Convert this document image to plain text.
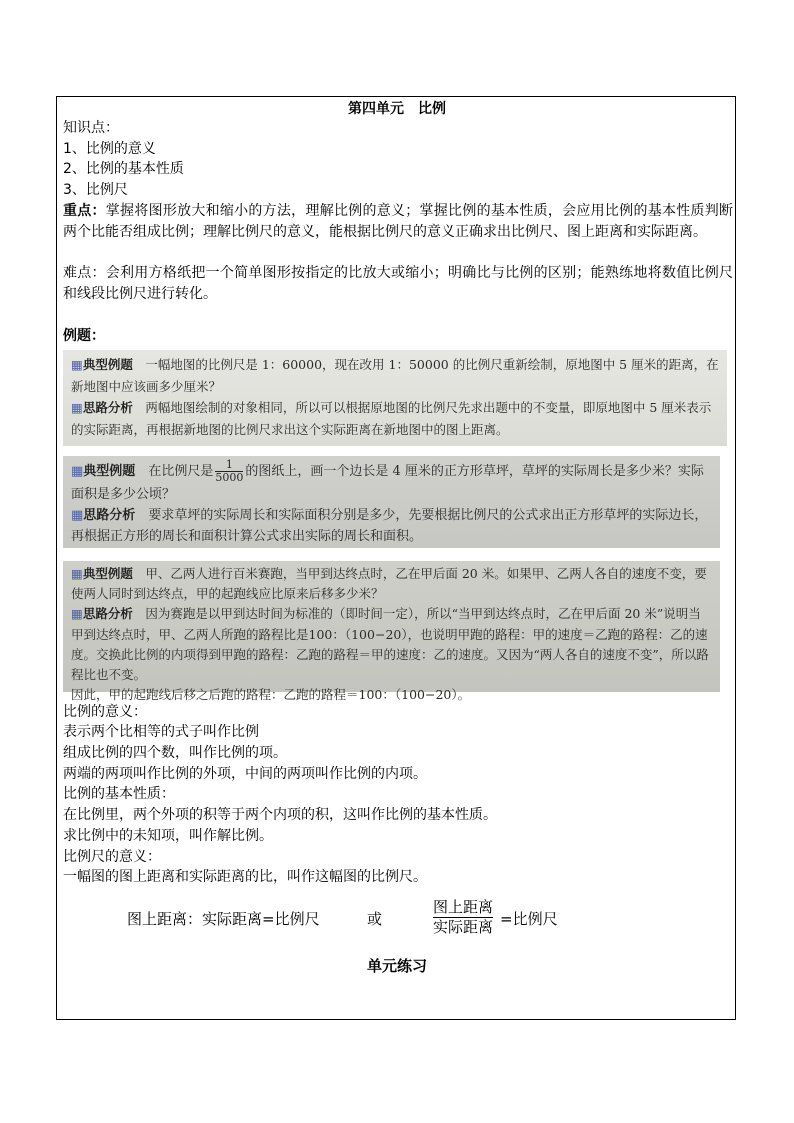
第四单元　比例
知识点：
1、比例的意义
2、比例的基本性质
3、比例尺
重点：掌握将图形放大和缩小的方法，理解比例的意义；掌握比例的基本性质，会应用比例的基本性质判断两个比能否组成比例；理解比例尺的意义，能根据比例尺的意义正确求出比例尺、图上距离和实际距离。
难点：会利用方格纸把一个简单图形按指定的比放大或缩小；明确比与比例的区别；能熟练地将数值比例尺和线段比例尺进行转化。
例题：

▦ 典型例题　 一幅地图的比例尺是 1：60000，现在改用 1：50000 的比例尺重新绘制，原地图中 5 厘米的距离，在新地图中应该画多少厘米？

▦ 思路分析　 两幅地图绘制的对象相同，所以可以根据原地图的比例尺先求出题中的不变量，即原地图中 5 厘米表示的实际距离，再根据新地图的比例尺求出这个实际距离在新地图中的图上距离。

▦ 典型例题　 在比例尺是 $\frac{1}{5000}$ 的图纸上，画一个边长是 4 厘米的正方形草坪，草坪的实际周长是多少米？实际面积是多少公顷？

▦ 思路分析　 要求草坪的实际周长和实际面积分别是多少，先要根据比例尺的公式求出正方形草坪的实际边长，再根据正方形的周长和面积计算公式求出实际的周长和面积。

▦ 典型例题　 甲、乙两人进行百米赛跑，当甲到达终点时，乙在甲后面 20 米。如果甲、乙两人各自的速度不变，要使两人同时到达终点，甲的起跑线应比原来后移多少米？

▦ 思路分析　 因为赛跑是以甲到达时间为标准的（即时间一定），所以“当甲到达终点时，乙在甲后面 20 米”说明当甲到达终点时，甲、乙两人所跑的路程比是100：（100−20），也说明甲跑的路程：甲的速度＝乙跑的路程：乙的速度。交换此比例的内项得到甲跑的路程：乙跑的路程＝甲的速度：乙的速度。又因为“两人各自的速度不变”，所以路程比也不变。

因此，甲的起跑线后移之后跑的路程：乙跑的路程＝100：（100−20）。

比例的意义：
表示两个比相等的式子叫作比例
组成比例的四个数，叫作比例的项。
两端的两项叫作比例的外项，中间的两项叫作比例的内项。
比例的基本性质：
在比例里，两个外项的积等于两个内项的积，这叫作比例的基本性质。
求比例中的未知项，叫作解比例。
比例尺的意义：
一幅图的图上距离和实际距离的比，叫作这幅图的比例尺。
图上距离：实际距离=比例尺	或
图上距离
实际距离 =比例尺
单元练习
